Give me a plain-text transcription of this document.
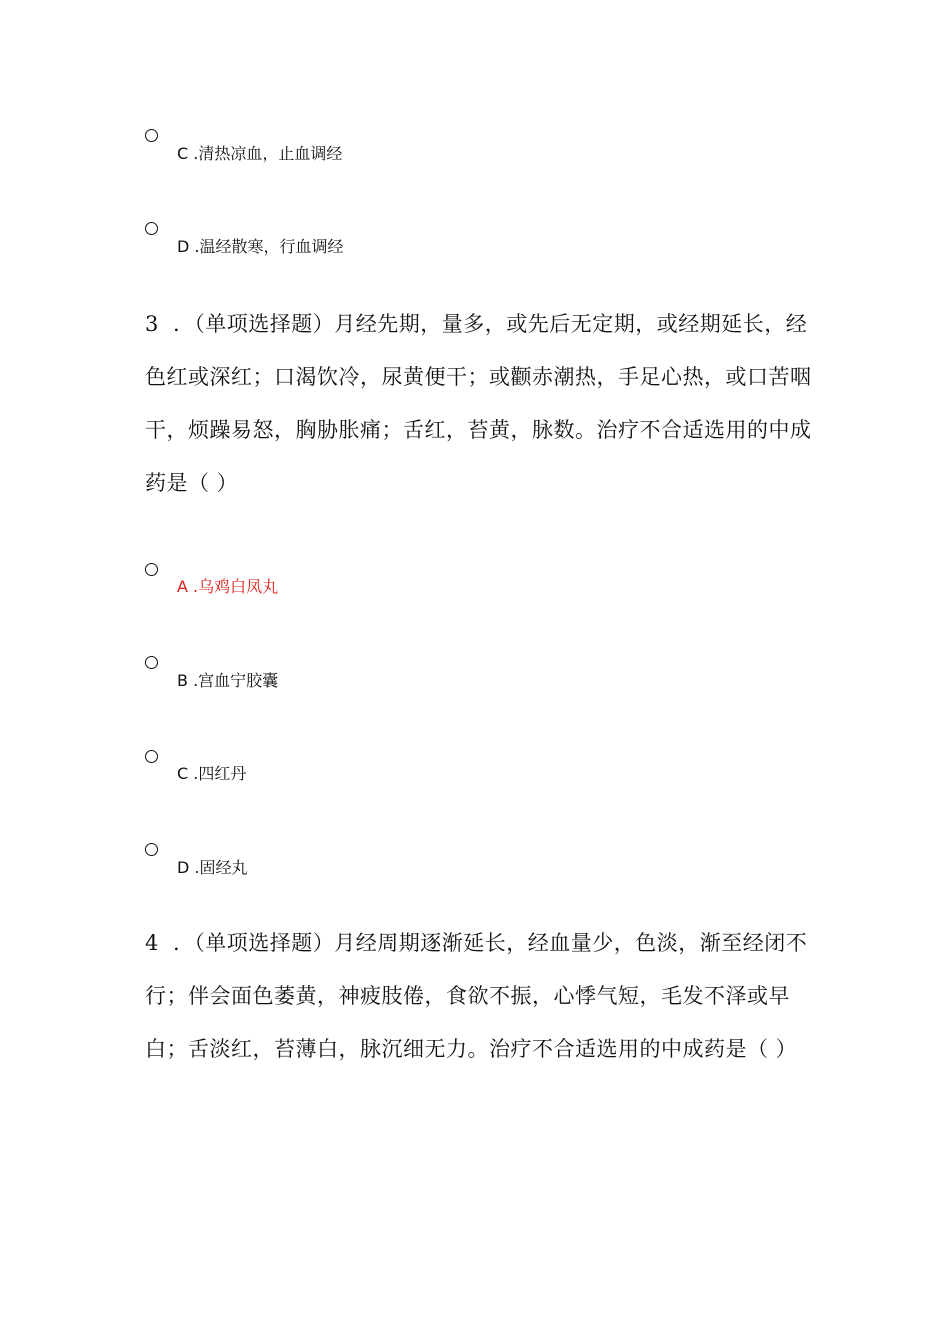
C .清热凉血，止血调经
D .温经散寒，行血调经
3 .（单项选择题）月经先期，量多，或先后无定期，或经期延长，经色红或深红；口渴饮冷，尿黄便干；或颧赤潮热，手足心热，或口苦咽干，烦躁易怒，胸胁胀痛；舌红，苔黄，脉数。治疗不合适选用的中成药是（ ）
A .乌鸡白凤丸
B .宫血宁胶囊
C .四红丹
D .固经丸
4 .（单项选择题）月经周期逐渐延长，经血量少，色淡，渐至经闭不行；伴会面色萎黄，神疲肢倦，食欲不振，心悸气短，毛发不泽或早白；舌淡红，苔薄白，脉沉细无力。治疗不合适选用的中成药是（ ）
